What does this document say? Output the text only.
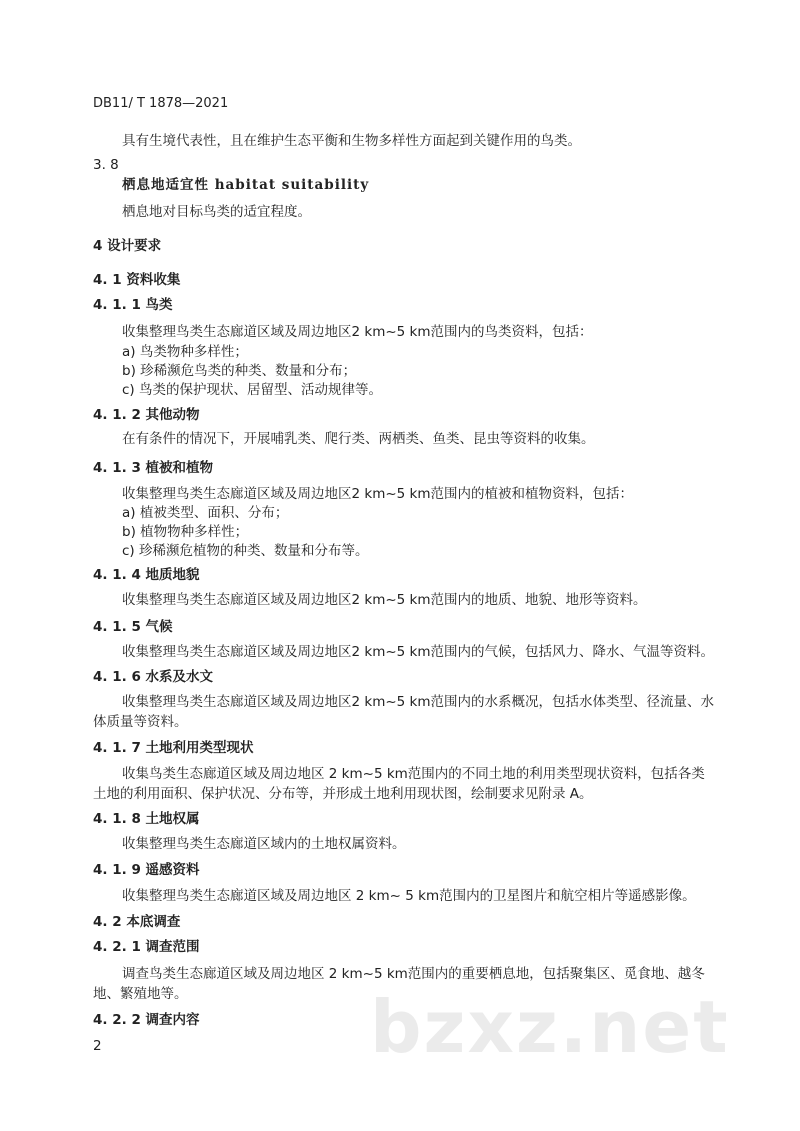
DB11/ T 1878—2021
具有生境代表性，且在维护生态平衡和生物多样性方面起到关键作用的鸟类。
3. 8
栖息地适宜性 habitat suitability
栖息地对目标鸟类的适宜程度。
4 设计要求
4. 1 资料收集
4. 1. 1 鸟类
收集整理鸟类生态廊道区域及周边地区2 km~5 km范围内的鸟类资料，包括：
a) 鸟类物种多样性；
b) 珍稀濒危鸟类的种类、数量和分布；
c) 鸟类的保护现状、居留型、活动规律等。
4. 1. 2 其他动物
在有条件的情况下，开展哺乳类、爬行类、两栖类、鱼类、昆虫等资料的收集。
4. 1. 3 植被和植物
收集整理鸟类生态廊道区域及周边地区2 km~5 km范围内的植被和植物资料，包括：
a) 植被类型、面积、分布；
b) 植物物种多样性；
c) 珍稀濒危植物的种类、数量和分布等。
4. 1. 4 地质地貌
收集整理鸟类生态廊道区域及周边地区2 km~5 km范围内的地质、地貌、地形等资料。
4. 1. 5 气候
收集整理鸟类生态廊道区域及周边地区2 km~5 km范围内的气候，包括风力、降水、气温等资料。
4. 1. 6 水系及水文
收集整理鸟类生态廊道区域及周边地区2 km~5 km范围内的水系概况，包括水体类型、径流量、水
体质量等资料。
4. 1. 7 土地利用类型现状
收集鸟类生态廊道区域及周边地区 2 km~5 km范围内的不同土地的利用类型现状资料，包括各类
土地的利用面积、保护状况、分布等，并形成土地利用现状图，绘制要求见附录 A。
4. 1. 8 土地权属
收集整理鸟类生态廊道区域内的土地权属资料。
4. 1. 9 遥感资料
收集整理鸟类生态廊道区域及周边地区 2 km~ 5 km范围内的卫星图片和航空相片等遥感影像。
4. 2 本底调查
4. 2. 1 调查范围
调查鸟类生态廊道区域及周边地区 2 km~5 km范围内的重要栖息地，包括聚集区、觅食地、越冬
地、繁殖地等。
4. 2. 2 调查内容
2	bzxz.net
